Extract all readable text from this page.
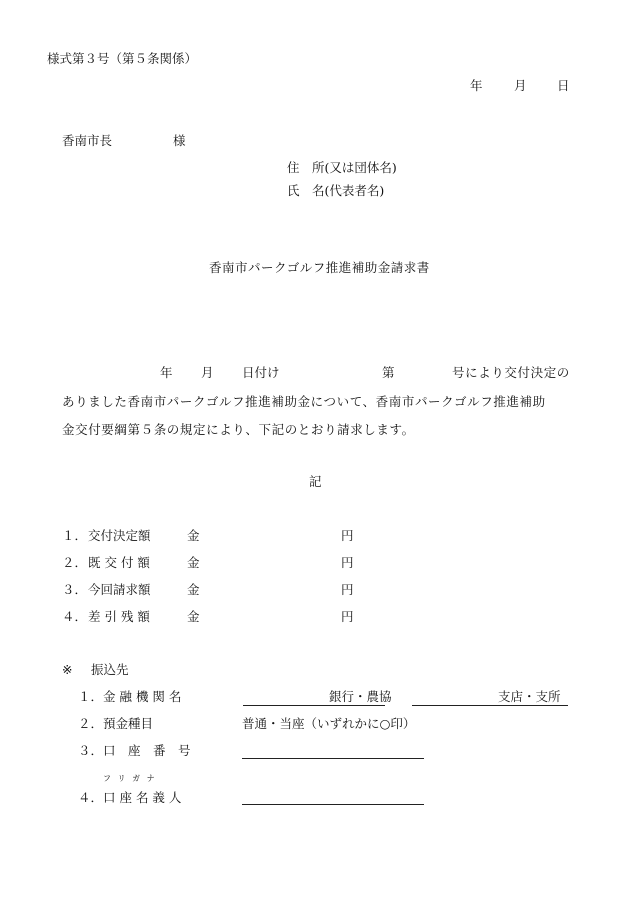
様式第３号（第５条関係）
年	月 日
香南市長	様
住　所(又は団体名)
氏　名(代表者名)
香南市パークゴルフ推進補助金請求書
年 月 日付け	第	号により交付決定の
ありました香南市パークゴルフ推進補助金について、香南市パークゴルフ推進補助
金交付要綱第５条の規定により、下記のとおり請求します。
記
１． 交付決定額	金	円
２． 既 交 付 額	金	円
３． 今回請求額	金	円
４． 差 引 残 額	金	円
※ 振込先
１． 金 融 機 関 名	銀行・農協	支店・支所
２． 預金種目	普通・当座（いずれかに○印）
３． 口　座　番　号
フ リ ガ ナ
４． 口 座 名 義 人
